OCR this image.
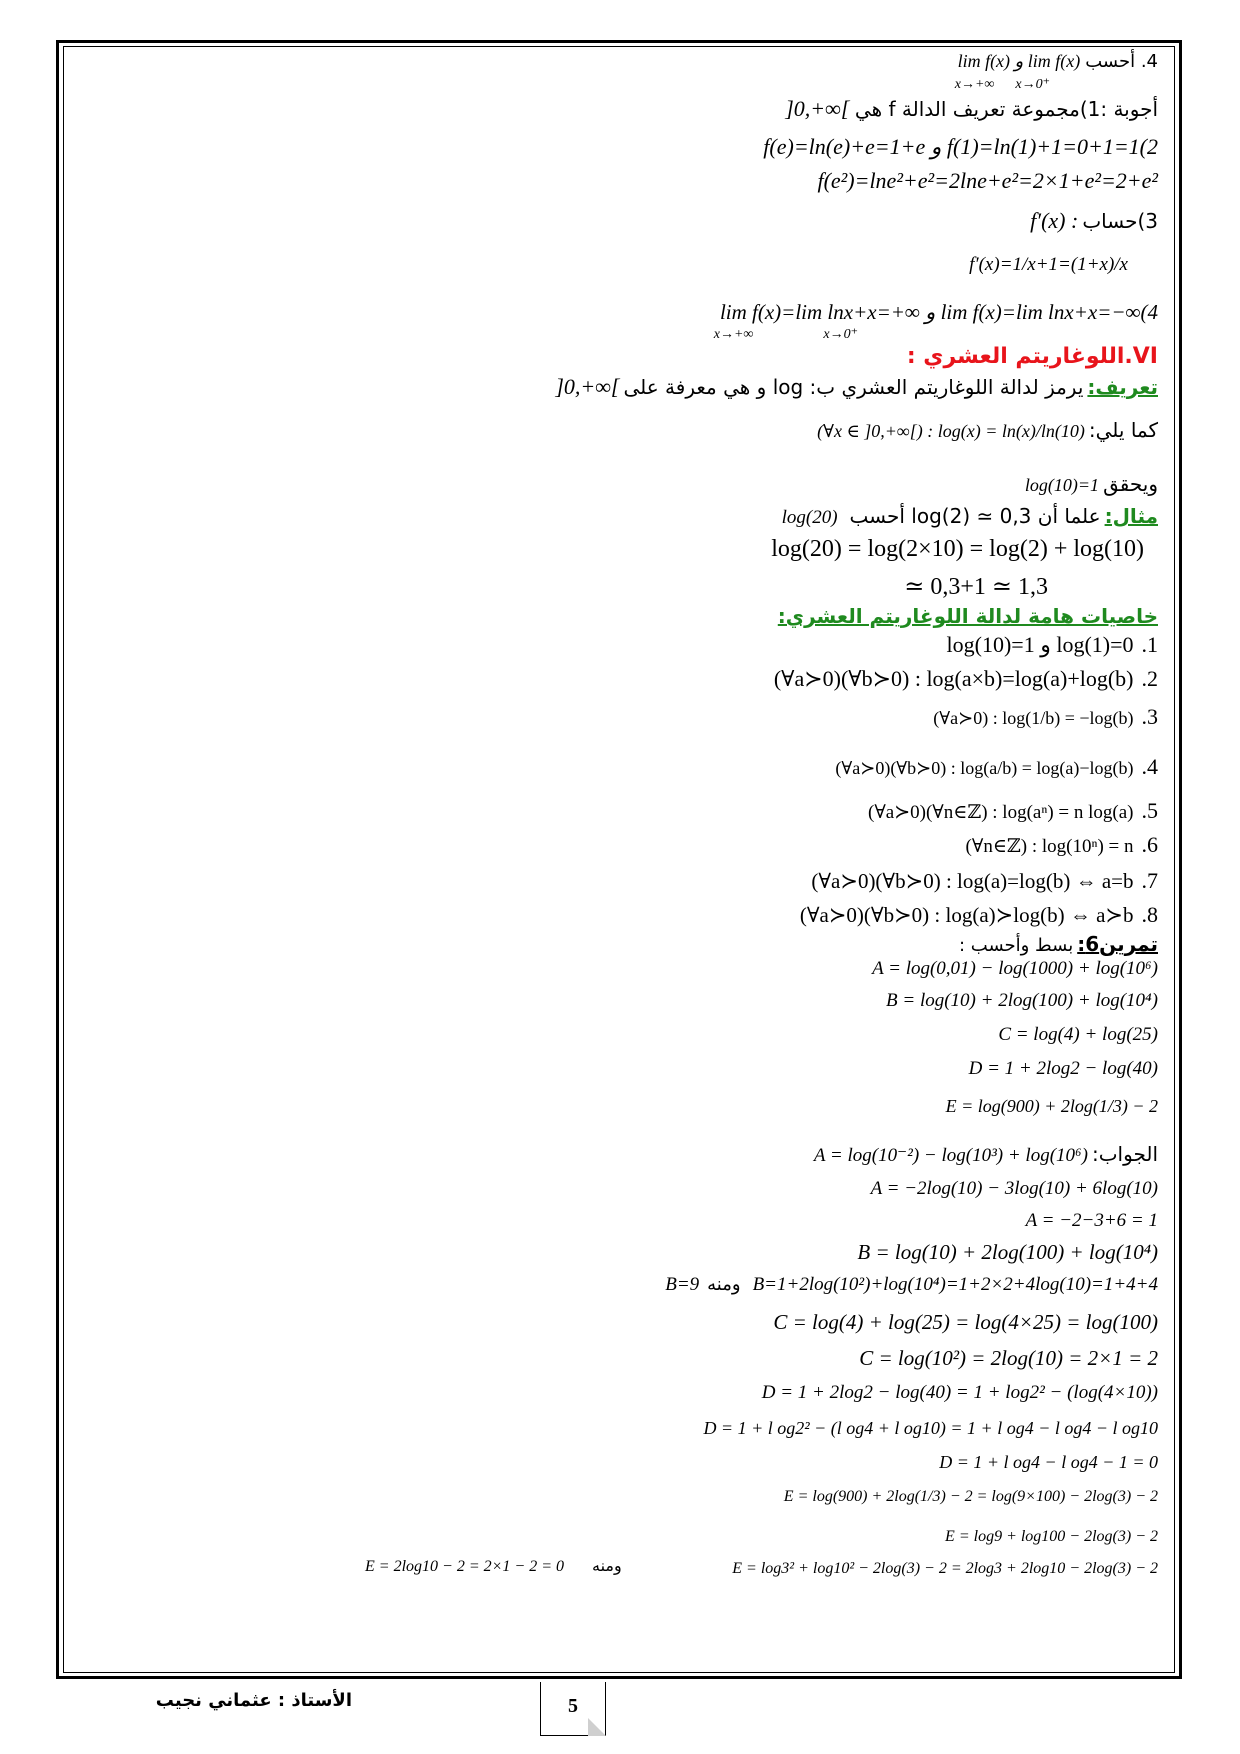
lim f(x) و lim f(x) 4. أحسب
x→+∞ x→0⁺
]0,+∞[ أجوبة :1)مجموعة تعريف الدالة f هي
f(e)=ln(e)+e=1+e و f(1)=ln(1)+1=0+1=1(2
f(e²)=lne²+e²=2lne+e²=2×1+e²=2+e²
f′(x) : 3)حساب
f′(x)=1/x+1=(1+x)/x
lim f(x)=lim lnx+x=+∞ و lim f(x)=lim lnx+x=−∞(4
x→+∞	x→0⁺
VI.اللوغاريتم العشري :
]0,+∞[ يرمز لدالة اللوغاريتم العشري ب: log و هي معرفة على تعريف:
(∀x ∈ ]0,+∞[) : log(x) = ln(x)/ln(10) كما يلي:
log(10)=1 ويحقق
log(20) علما أن log(2) ≃ 0,3 أحسب مثال:
log(20) = log(2×10) = log(2) + log(10)
≃ 0,3+1 ≃ 1,3
خاصيات هامة لدالة اللوغاريتم العشري:
log(10)=1 و log(1)=0 .1
(∀a≻0)(∀b≻0) : log(a×b)=log(a)+log(b) .2
(∀a≻0) : log(1/b) = −log(b) .3
(∀a≻0)(∀b≻0) : log(a/b) = log(a)−log(b) .4
(∀a≻0)(∀n∈ℤ) : log(aⁿ) = n log(a) .5
(∀n∈ℤ) : log(10ⁿ) = n .6
(∀a≻0)(∀b≻0) : log(a)=log(b) ⇔ a=b .7
(∀a≻0)(∀b≻0) : log(a)≻log(b) ⇔ a≻b .8
بسط وأحسب : تمرين6:
A = log(0,01) − log(1000) + log(10⁶)
B = log(10) + 2log(100) + log(10⁴)
C = log(4) + log(25)
D = 1 + 2log2 − log(40)
E = log(900) + 2log(1/3) − 2
A = log(10⁻²) − log(10³) + log(10⁶) الجواب:
A = −2log(10) − 3log(10) + 6log(10)
A = −2−3+6 = 1
B = log(10) + 2log(100) + log(10⁴)
B=9 ومنه B=1+2log(10²)+log(10⁴)=1+2×2+4log(10)=1+4+4
C = log(4) + log(25) = log(4×25) = log(100)
C = log(10²) = 2log(10) = 2×1 = 2
D = 1 + 2log2 − log(40) = 1 + log2² − (log(4×10))
D = 1 + l og2² − (l og4 + l og10) = 1 + l og4 − l og4 − l og10
D = 1 + l og4 − l og4 − 1 = 0
E = log(900) + 2log(1/3) − 2 = log(9×100) − 2log(3) − 2
E = log9 + log100 − 2log(3) − 2
E = log3² + log10² − 2log(3) − 2 = 2log3 + 2log10 − 2log(3) − 2
E = 2log10 − 2 = 2×1 − 2 = 0 ومنه
5
الأستاذ : عثماني نجيب
